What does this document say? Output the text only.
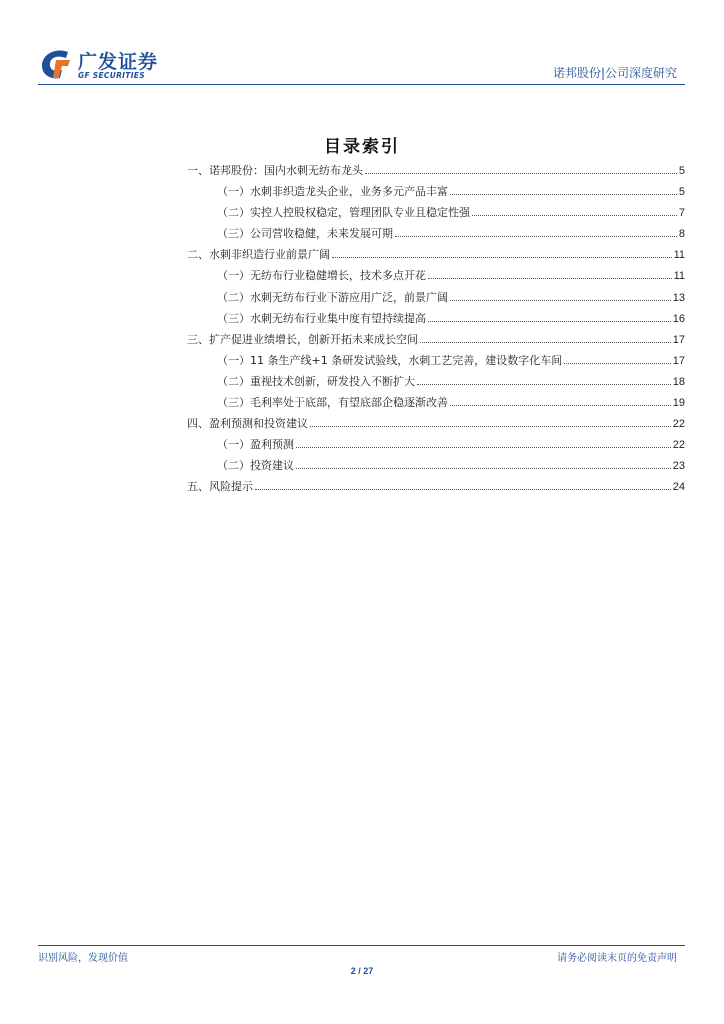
广发证券
GF SECURITIES	诺邦股份|公司深度研究
目录索引
一、诺邦股份：国内水刺无纺布龙头	5
（一）水刺非织造龙头企业，业务多元产品丰富	5
（二）实控人控股权稳定，管理团队专业且稳定性强	7
（三）公司营收稳健，未来发展可期	8
二、水刺非织造行业前景广阔	11
（一）无纺布行业稳健增长，技术多点开花	11
（二）水刺无纺布行业下游应用广泛，前景广阔	13
（三）水刺无纺布行业集中度有望持续提高	16
三、扩产促进业绩增长，创新开拓未来成长空间	17
（一）11 条生产线+1 条研发试验线，水刺工艺完善，建设数字化车间	17
（二）重视技术创新，研发投入不断扩大	18
（三）毛利率处于底部，有望底部企稳逐渐改善	19
四、盈利预测和投资建议	22
（一）盈利预测	22
（二）投资建议	23
五、风险提示	24
识别风险，发现价值	请务必阅读末页的免责声明
2 / 27
